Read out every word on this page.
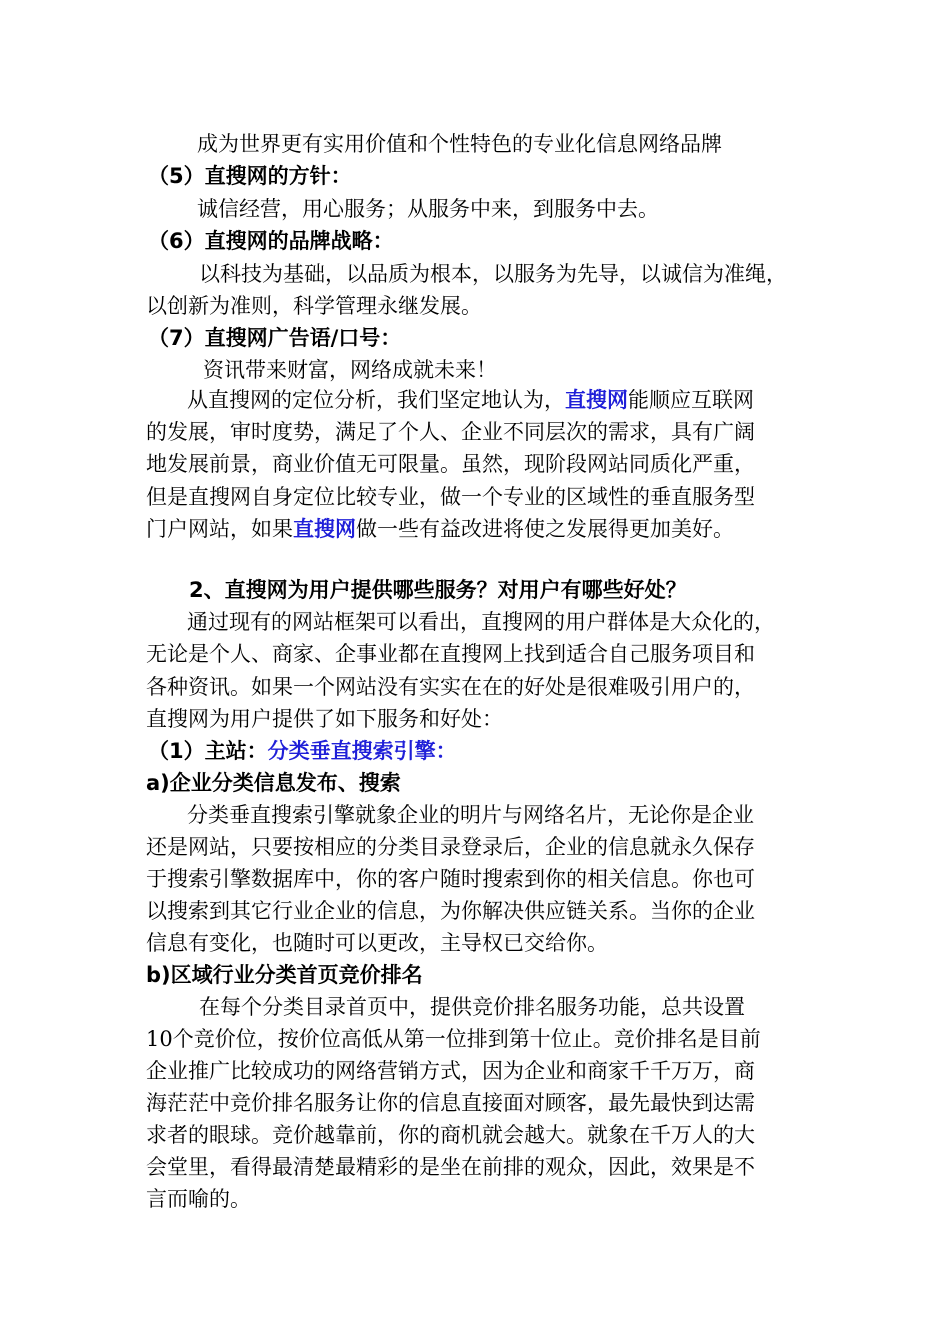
成为世界更有实用价值和个性特色的专业化信息网络品牌
（5）直搜网的方针：
诚信经营，用心服务；从服务中来，到服务中去。
（6）直搜网的品牌战略：
以科技为基础，以品质为根本，以服务为先导，以诚信为准绳，
以创新为准则，科学管理永继发展。
（7）直搜网广告语/口号：
资讯带来财富，网络成就未来！
从直搜网的定位分析，我们坚定地认为，直搜网能顺应互联网
的发展，审时度势，满足了个人、企业不同层次的需求，具有广阔
地发展前景，商业价值无可限量。虽然，现阶段网站同质化严重，
但是直搜网自身定位比较专业，做一个专业的区域性的垂直服务型
门户网站，如果直搜网做一些有益改进将使之发展得更加美好。
2、直搜网为用户提供哪些服务？对用户有哪些好处？
通过现有的网站框架可以看出，直搜网的用户群体是大众化的，
无论是个人、商家、企事业都在直搜网上找到适合自己服务项目和
各种资讯。如果一个网站没有实实在在的好处是很难吸引用户的，
直搜网为用户提供了如下服务和好处：
（1）主站：分类垂直搜索引擎：
a)企业分类信息发布、搜索
分类垂直搜索引擎就象企业的明片与网络名片，无论你是企业
还是网站，只要按相应的分类目录登录后，企业的信息就永久保存
于搜索引擎数据库中，你的客户随时搜索到你的相关信息。你也可
以搜索到其它行业企业的信息，为你解决供应链关系。当你的企业
信息有变化，也随时可以更改，主导权已交给你。
b)区域行业分类首页竞价排名
在每个分类目录首页中，提供竞价排名服务功能，总共设置
10个竞价位，按价位高低从第一位排到第十位止。竞价排名是目前
企业推广比较成功的网络营销方式，因为企业和商家千千万万，商
海茫茫中竞价排名服务让你的信息直接面对顾客，最先最快到达需
求者的眼球。竞价越靠前，你的商机就会越大。就象在千万人的大
会堂里，看得最清楚最精彩的是坐在前排的观众，因此，效果是不
言而喻的。
